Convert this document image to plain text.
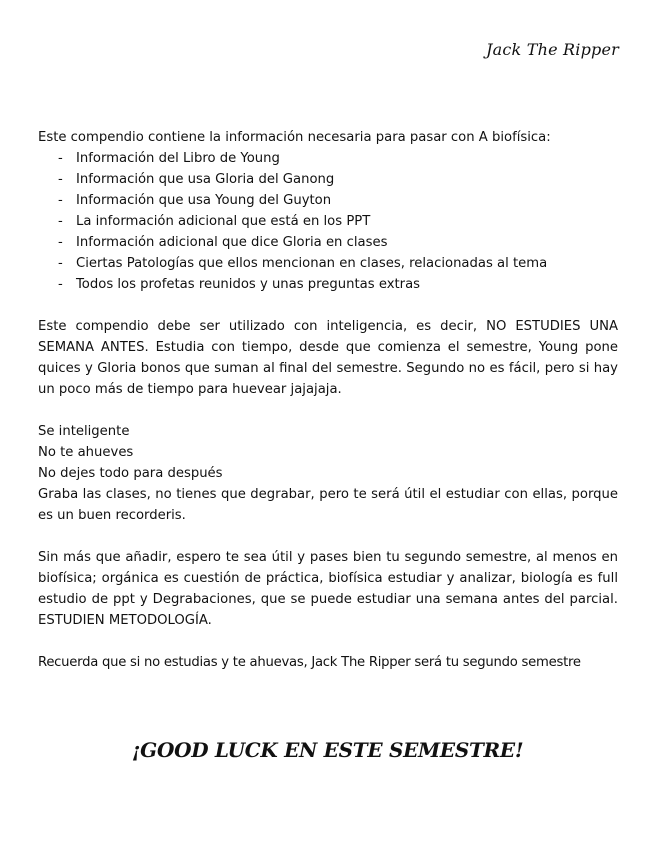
Jack The Ripper

Este compendio contiene la información necesaria para pasar con A biofísica:

- Información del Libro de Young
- Información que usa Gloria del Ganong
- Información que usa Young del Guyton
- La información adicional que está en los PPT
- Información adicional que dice Gloria en clases
- Ciertas Patologías que ellos mencionan en clases, relacionadas al tema
- Todos los profetas reunidos y unas preguntas extras

Este compendio debe ser utilizado con inteligencia, es decir, NO ESTUDIES UNA SEMANA ANTES. Estudia con tiempo, desde que comienza el semestre, Young pone quices y Gloria bonos que suman al final del semestre. Segundo no es fácil, pero si hay un poco más de tiempo para huevear jajajaja.

Se inteligente
No te ahueves
No dejes todo para después

Graba las clases, no tienes que degrabar, pero te será útil el estudiar con ellas, porque es un buen recorderis.

Sin más que añadir, espero te sea útil y pases bien tu segundo semestre, al menos en biofísica; orgánica es cuestión de práctica, biofísica estudiar y analizar, biología es full estudio de ppt y Degrabaciones, que se puede estudiar una semana antes del parcial. ESTUDIEN METODOLOGÍA.

Recuerda que si no estudias y te ahuevas, Jack The Ripper será tu segundo semestre

¡GOOD LUCK EN ESTE SEMESTRE!
